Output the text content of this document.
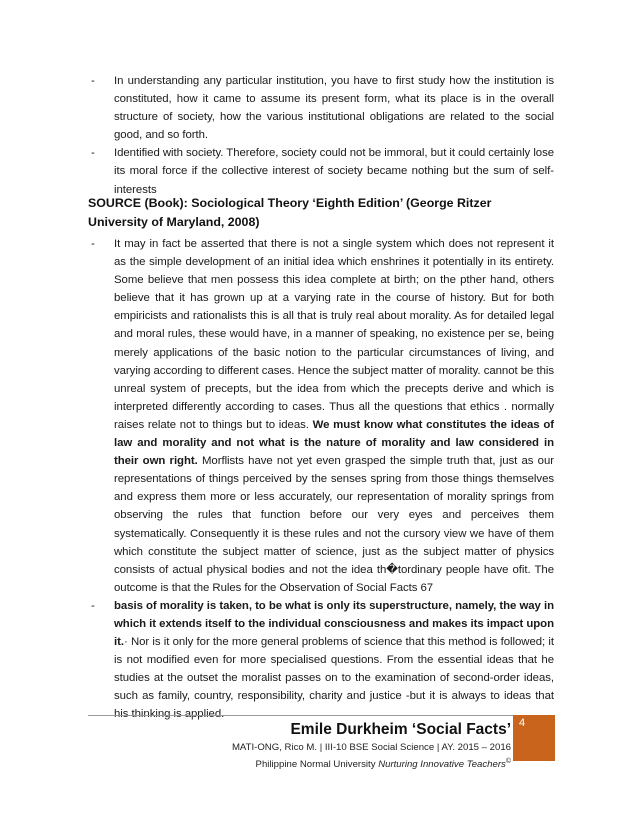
- In understanding any particular institution, you have to first study how the institution is constituted, how it came to assume its present form, what its place is in the overall structure of society, how the various institutional obligations are related to the social good, and so forth.
- Identified with society. Therefore, society could not be immoral, but it could certainly lose its moral force if the collective interest of society became nothing but the sum of self-interests
SOURCE (Book): Sociological Theory ‘Eighth Edition’ (George Ritzer University of Maryland, 2008)
- It may in fact be asserted that there is not a single system which does not represent it as the simple development of an initial idea which enshrines it potentially in its entirety. Some believe that men possess this idea complete at birth; on the pther hand, others believe that it has grown up at a varying rate in the course of history. But for both empiricists and rationalists this is all that is truly real about morality. As for detailed legal and moral rules, these would have, in a manner of speaking, no existence per se, being merely applications of the basic notion to the particular circumstances of living, and varying according to different cases. Hence the subject matter of morality. cannot be this unreal system of precepts, but the idea from which the precepts derive and which is interpreted differently according to cases. Thus all the questions that ethics . normally raises relate not to things but to ideas. We must know what constitutes the ideas of law and morality and not what is the nature of morality and law considered in their own right. Morflists have not yet even grasped the simple truth that, just as our representations of things perceived by the senses spring from those things themselves and express them more or less accurately, our representation of morality springs from observing the rules that function before our very eyes and perceives them systematically. Consequently it is these rules and not the cursory view we have of them which constitute the subject matter of science, just as the subject matter of physics consists of actual physical bodies and not the idea th�tordinary people have ofit. The outcome is that the Rules for the Observation of Social Facts 67
- basis of morality is taken, to be what is only its superstructure, namely, the way in which it extends itself to the individual consciousness and makes its impact upon it.· Nor is it only for the more general problems of science that this method is followed; it is not modified even for more specialised questions. From the essential ideas that he studies at the outset the moralist passes on to the examination of second-order ideas, such as family, country, responsibility, charity and justice -but it is always to ideas that
Emile Durkheim ‘Social Facts’
MATI-ONG, Rico M. | III-10 BSE Social Science | AY. 2015 – 2016
Philippine Normal University Nurturing Innovative Teachers©
4
